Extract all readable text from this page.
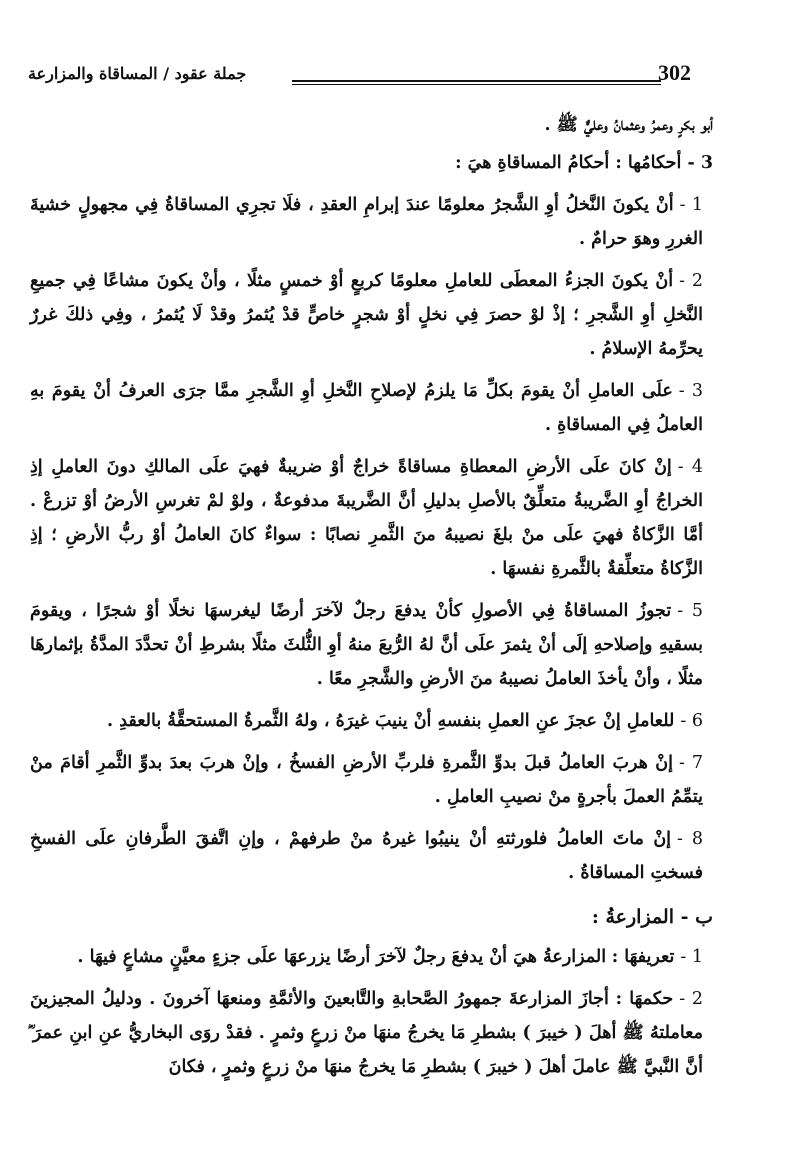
302
جملة عقود / المساقاة والمزارعة

أبو بكرٍ وعمرُ وعثمانُ وعليٌّ ﷺ .

3 - أحكامُها : أحكامُ المساقاةِ هيَ :

1 -أنْ يكونَ النَّخلُ أوِ الشَّجرُ معلومًا عندَ إبرامِ العقدِ ، فلَا تجرِي المساقاةُ فِي مجهولٍ خشيةَ الغررِ وهوَ حرامٌ .

2 -أنْ يكونَ الجزءُ المعطَى للعاملِ معلومًا كربعٍ أوْ خمسٍ مثلًا ، وأنْ يكونَ مشاعًا فِي جميعِ النَّخلِ أوِ الشَّجرِ ؛ إذْ لوْ حصرَ فِي نخلٍ أوْ شجرٍ خاصٍّ قدْ يُثمرُ وقدْ لَا يُثمرُ ، وفِي ذلكَ غررٌ يحرِّمهُ الإسلامُ .

3 -علَى العاملِ أنْ يقومَ بكلِّ مَا يلزمُ لإصلاحِ النَّخلِ أوِ الشَّجرِ ممَّا جرَى العرفُ أنْ يقومَ بهِ العاملُ فِي المساقاةِ .

4 -إنْ كانَ علَى الأرضِ المعطاةِ مساقاةً خراجٌ أوْ ضريبةٌ فهيَ علَى المالكِ دونَ العاملِ إذِ الخراجُ أوِ الضَّريبةُ متعلِّقٌ بالأصلِ بدليلِ أنَّ الضَّريبةَ مدفوعةٌ ، ولوْ لمْ تغرسِ الأرضُ أوْ تزرعْ . أمَّا الزَّكاةُ فهيَ علَى منْ بلغَ نصيبهُ منَ الثَّمرِ نصابًا : سواءٌ كانَ العاملُ أوْ ربُّ الأرضِ ؛ إذِ الزَّكاةُ متعلِّقةٌ بالثَّمرةِ نفسهَا .

5 -تجوزُ المساقاةُ فِي الأصولِ كأنْ يدفعَ رجلٌ لآخرَ أرضًا ليغرسهَا نخلًا أوْ شجرًا ، ويقومَ بسقيهِ وإصلاحهِ إلَى أنْ يثمرَ علَى أنَّ لهُ الرُّبعَ منهُ أوِ الثُّلثَ مثلًا بشرطِ أنْ تحدَّدَ المدَّةُ بإثمارهَا مثلًا ، وأنْ يأخذَ العاملُ نصيبهُ منَ الأرضِ والشَّجرِ معًا .

6 -للعاملِ إنْ عجزَ عنِ العملِ بنفسهِ أنْ ينيبَ غيرَهُ ، ولهُ الثَّمرةُ المستحقَّةُ بالعقدِ .

7 -إنْ هربَ العاملُ قبلَ بدوِّ الثَّمرةِ فلربِّ الأرضِ الفسخُ ، وإنْ هربَ بعدَ بدوِّ الثَّمرِ أقامَ منْ يتمِّمُ العملَ بأجرةٍ منْ نصيبِ العاملِ .

8 -إنْ ماتَ العاملُ فلورثتهِ أنْ ينيبُوا غيرهُ منْ طرفهمْ ، وإنِ اتَّفقَ الطَّرفانِ علَى الفسخِ فسختِ المساقاةُ .

ب - المزارعةُ :

1 -تعريفهَا : المزارعةُ هيَ أنْ يدفعَ رجلٌ لآخرَ أرضًا يزرعهَا علَى جزءٍ معيَّنٍ مشاعٍ فيهَا .

2 -حكمهَا : أجازَ المزارعةَ جمهورُ الصَّحابةِ والتَّابعينَ والأئمَّةِ ومنعهَا آخرونَ . ودليلُ المجيزينَ معاملتهُ ﷺ أهلَ ( خيبرَ ) بشطرِ مَا يخرجُ منهَا منْ زرعٍ وثمرٍ . فقدْ روَى البخاريُّ عنِ ابنِ عمرَ ؓ أنَّ النَّبيَّ ﷺ عاملَ أهلَ ( خيبرَ ) بشطرِ مَا يخرجُ منهَا منْ زرعٍ وثمرٍ ، فكانَ
